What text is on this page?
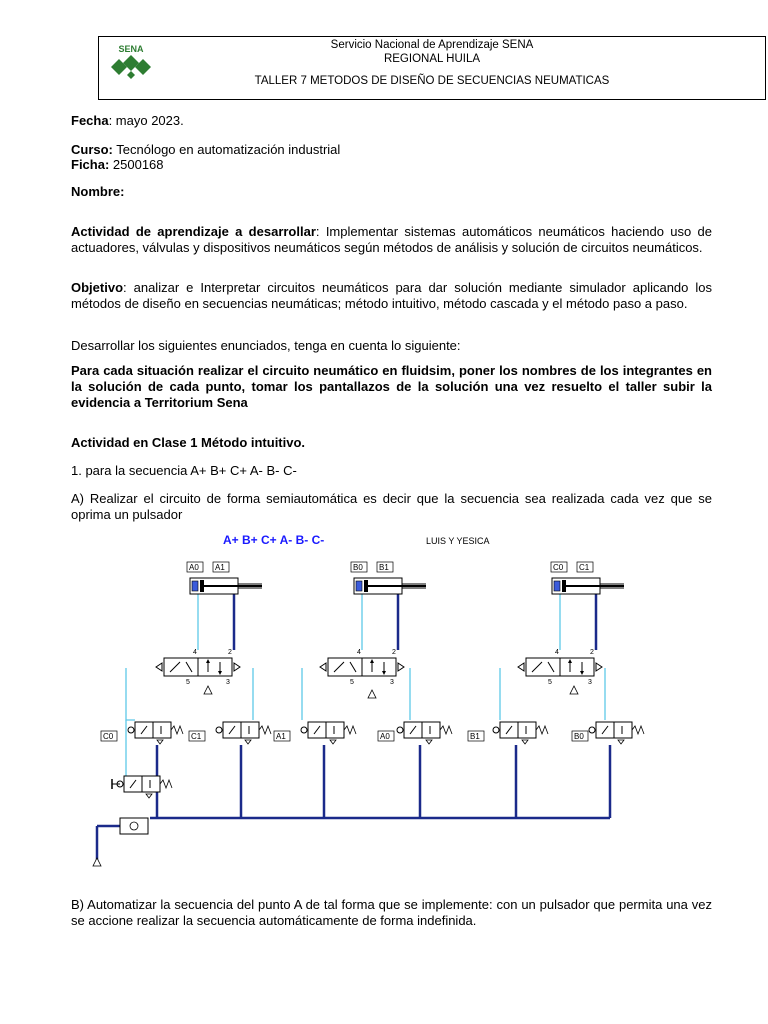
SENA	Servicio Nacional de Aprendizaje SENA
REGIONAL HUILA
TALLER 7 METODOS DE DISEÑO DE SECUENCIAS NEUMATICAS
Fecha: mayo 2023.
Curso: Tecnólogo en automatización industrial
Ficha: 2500168
Nombre:
Actividad de aprendizaje a desarrollar: Implementar sistemas automáticos neumáticos haciendo uso de actuadores, válvulas y dispositivos neumáticos según métodos de análisis y solución de circuitos neumáticos.
Objetivo: analizar e Interpretar circuitos neumáticos para dar solución mediante simulador aplicando los métodos de diseño en secuencias neumáticas; método intuitivo, método cascada y el método paso a paso.
Desarrollar los siguientes enunciados, tenga en cuenta lo siguiente:
Para cada situación realizar el circuito neumático en fluidsim, poner los nombres de los integrantes en la solución de cada punto, tomar los pantallazos de la solución una vez resuelto el taller subir la evidencia a Territorium Sena
Actividad en Clase 1 Método intuitivo.
1. para la secuencia A+ B+ C+ A- B- C-
A) Realizar el circuito de forma semiautomática es decir que la secuencia sea realizada cada vez que se oprima un pulsador
A+ B+ C+ A- B- C-	LUIS Y YESICA
A0 A1	B0 B1	C0 C1
4	2
5	3
4	2
5	3
4	2
5	3
C0	C1	A1	A0	B1	B0
B) Automatizar la secuencia del punto A de tal forma que se implemente: con un pulsador que permita una vez se accione realizar la secuencia automáticamente de forma indefinida.
